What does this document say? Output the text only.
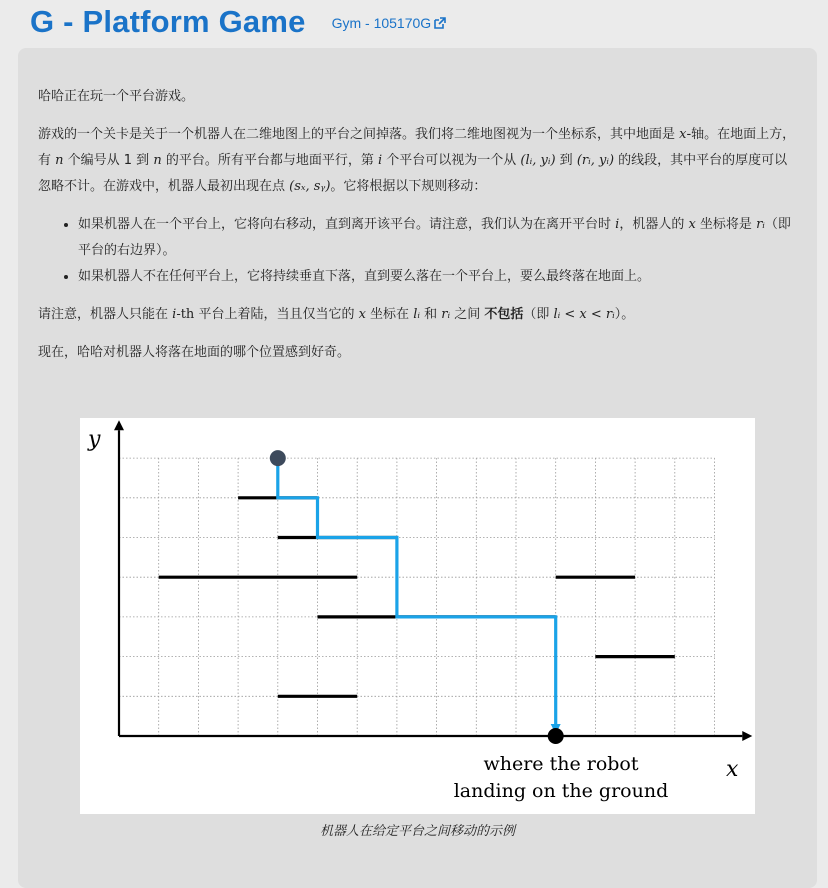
G - Platform Game Gym - 105170G

哈哈正在玩一个平台游戏。

游戏的一个关卡是关于一个机器人在二维地图上的平台之间掉落。我们将二维地图视为一个坐标系，其中地面是 x-轴。在地面上方，有 n 个编号从 1 到 n 的平台。所有平台都与地面平行，第 i 个平台可以视为一个从 (lᵢ, yᵢ) 到 (rᵢ, yᵢ) 的线段，其中平台的厚度可以忽略不计。在游戏中，机器人最初出现在点 (sₓ, sᵧ)。它将根据以下规则移动：

• 如果机器人在一个平台上，它将向右移动，直到离开该平台。请注意，我们认为在离开平台时 i，机器人的 x 坐标将是 rᵢ（即平台的右边界）。
• 如果机器人不在任何平台上，它将持续垂直下落，直到要么落在一个平台上，要么最终落在地面上。

请注意，机器人只能在 i-th 平台上着陆，当且仅当它的 x 坐标在 lᵢ 和 rᵢ 之间 不包括（即 lᵢ < x < rᵢ）。

现在，哈哈对机器人将落在地面的哪个位置感到好奇。

y
x
where the robot
landing on the ground
机器人在给定平台之间移动的示例
